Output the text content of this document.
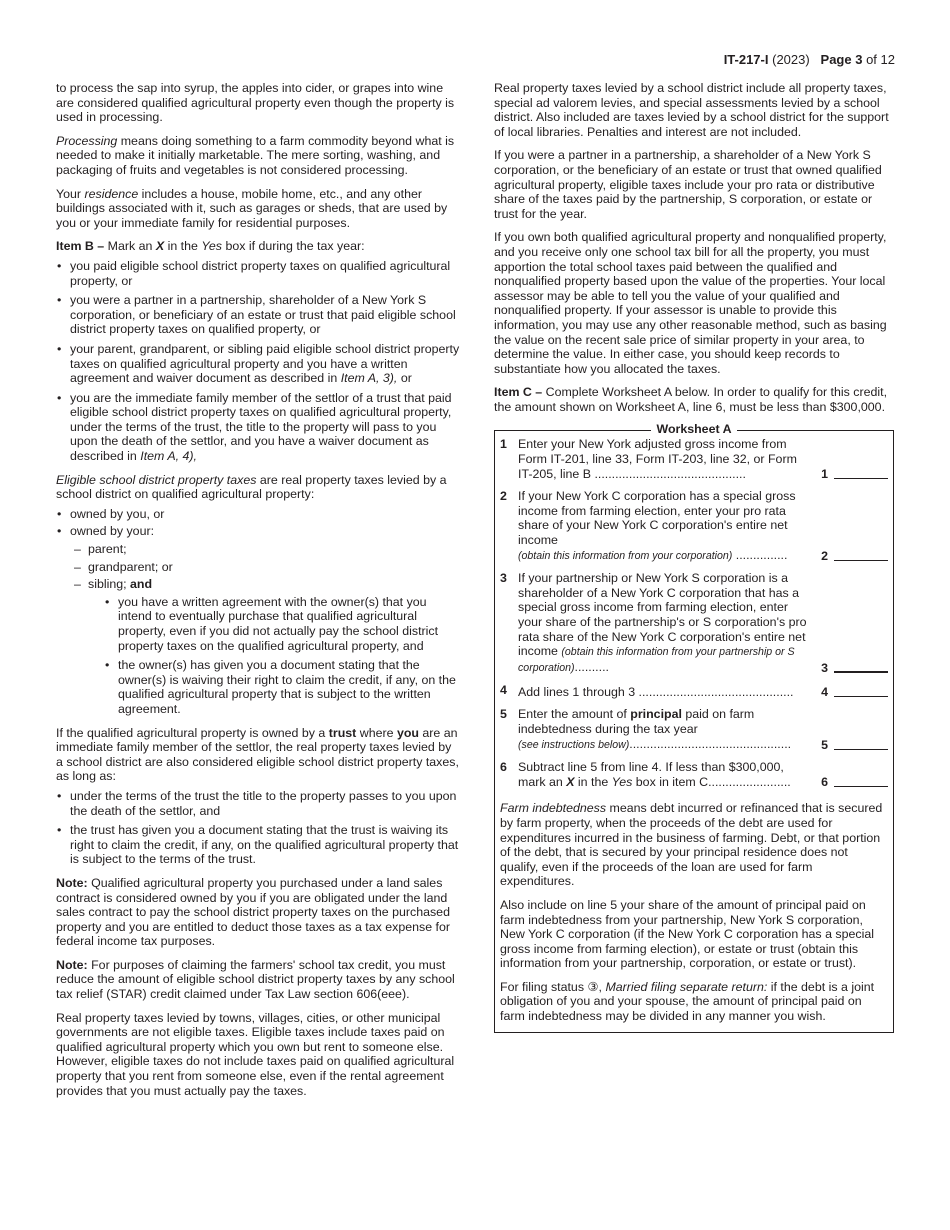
IT-217-I (2023) Page 3 of 12

to process the sap into syrup, the apples into cider, or grapes into wine are considered qualified agricultural property even though the property is used in processing.

Processing means doing something to a farm commodity beyond what is needed to make it initially marketable. The mere sorting, washing, and packaging of fruits and vegetables is not considered processing.

Your residence includes a house, mobile home, etc., and any other buildings associated with it, such as garages or sheds, that are used by you or your immediate family for residential purposes.

Item B – Mark an X in the Yes box if during the tax year:

• you paid eligible school district property taxes on qualified agricultural property, or
• you were a partner in a partnership, shareholder of a New York S corporation, or beneficiary of an estate or trust that paid eligible school district property taxes on qualified property, or
• your parent, grandparent, or sibling paid eligible school district property taxes on qualified agricultural property and you have a written agreement and waiver document as described in Item A, 3), or
• you are the immediate family member of the settlor of a trust that paid eligible school district property taxes on qualified agricultural property, under the terms of the trust, the title to the property will pass to you upon the death of the settlor, and you have a waiver document as described in Item A, 4),

Eligible school district property taxes are real property taxes levied by a school district on qualified agricultural property:

• owned by you, or
• owned by your:
– parent;
– grandparent; or
– sibling; and
• you have a written agreement with the owner(s) that you intend to eventually purchase that qualified agricultural property, even if you did not actually pay the school district property taxes on the qualified agricultural property, and
• the owner(s) has given you a document stating that the owner(s) is waiving their right to claim the credit, if any, on the qualified agricultural property that is subject to the written agreement.

If the qualified agricultural property is owned by a trust where you are an immediate family member of the settlor, the real property taxes levied by a school district are also considered eligible school district property taxes, as long as:

• under the terms of the trust the title to the property passes to you upon the death of the settlor, and
• the trust has given you a document stating that the trust is waiving its right to claim the credit, if any, on the qualified agricultural property that is subject to the terms of the trust.

Note: Qualified agricultural property you purchased under a land sales contract is considered owned by you if you are obligated under the land sales contract to pay the school district property taxes on the purchased property and you are entitled to deduct those taxes as a tax expense for federal income tax purposes.

Note: For purposes of claiming the farmers' school tax credit, you must reduce the amount of eligible school district property taxes by any school tax relief (STAR) credit claimed under Tax Law section 606(eee).

Real property taxes levied by towns, villages, cities, or other municipal governments are not eligible taxes. Eligible taxes include taxes paid on qualified agricultural property which you own but rent to someone else. However, eligible taxes do not include taxes paid on qualified agricultural property that you rent from someone else, even if the rental agreement provides that you must actually pay the taxes.

Real property taxes levied by a school district include all property taxes, special ad valorem levies, and special assessments levied by a school district. Also included are taxes levied by a school district for the support of local libraries. Penalties and interest are not included.

If you were a partner in a partnership, a shareholder of a New York S corporation, or the beneficiary of an estate or trust that owned qualified agricultural property, eligible taxes include your pro rata or distributive share of the taxes paid by the partnership, S corporation, or estate or trust for the year.

If you own both qualified agricultural property and nonqualified property, and you receive only one school tax bill for all the property, you must apportion the total school taxes paid between the qualified and nonqualified property based upon the value of the properties. Your local assessor may be able to tell you the value of your qualified and nonqualified property. If your assessor is unable to provide this information, you may use any other reasonable method, such as basing the value on the recent sale price of similar property in your area, to determine the value. In either case, you should keep records to substantiate how you allocated the taxes.

Item C – Complete Worksheet A below. In order to qualify for this credit, the amount shown on Worksheet A, line 6, must be less than $300,000.

Worksheet A
1 Enter your New York adjusted gross income from Form IT-201, line 33, Form IT-203, line 32, or Form IT-205, line B ............................................	1
2 If your New York C corporation has a special gross income from farming election, enter your pro rata share of your New York C corporation's entire net income
(obtain this information from your corporation) ...............	2
3 If your partnership or New York S corporation is a shareholder of a New York C corporation that has a special gross income from farming election, enter your share of the partnership's or S corporation's pro rata share of the New York C corporation's entire net income (obtain this information from your partnership or S corporation)..........	3
4 Add lines 1 through 3 .............................................	4
5 Enter the amount of principal paid on farm indebtedness during the tax year
(see instructions below)...............................................	5
6 Subtract line 5 from line 4. If less than $300,000, mark an X in the Yes box in item C........................	6

Farm indebtedness means debt incurred or refinanced that is secured by farm property, when the proceeds of the debt are used for expenditures incurred in the business of farming. Debt, or that portion of the debt, that is secured by your principal residence does not qualify, even if the proceeds of the loan are used for farm expenditures.

Also include on line 5 your share of the amount of principal paid on farm indebtedness from your partnership, New York S corporation, New York C corporation (if the New York C corporation has a special gross income from farming election), or estate or trust (obtain this information from your partnership, corporation, or estate or trust).

For filing status ③, Married filing separate return: if the debt is a joint obligation of you and your spouse, the amount of principal paid on farm indebtedness may be divided in any manner you wish.
